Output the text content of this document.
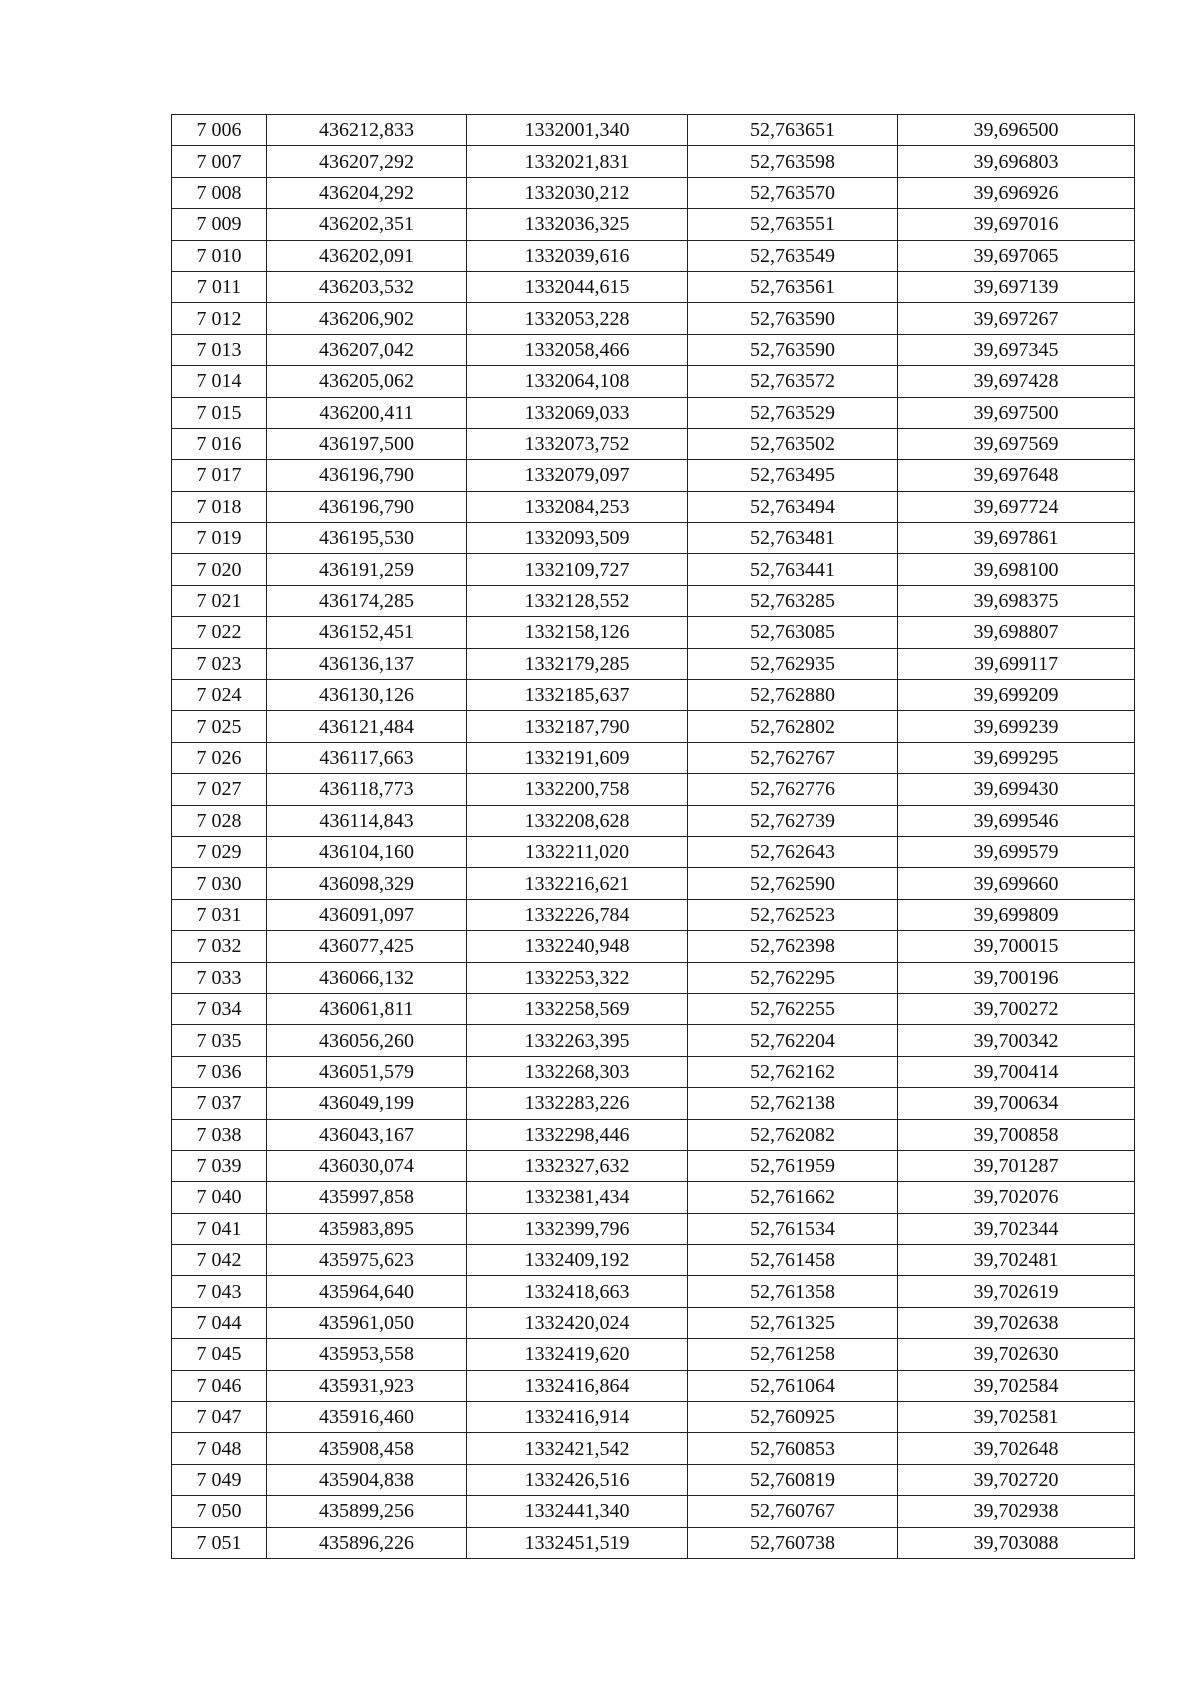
7 006	436212,833	1332001,340	52,763651	39,696500
7 007	436207,292	1332021,831	52,763598	39,696803
7 008	436204,292	1332030,212	52,763570	39,696926
7 009	436202,351	1332036,325	52,763551	39,697016
7 010	436202,091	1332039,616	52,763549	39,697065
7 011	436203,532	1332044,615	52,763561	39,697139
7 012	436206,902	1332053,228	52,763590	39,697267
7 013	436207,042	1332058,466	52,763590	39,697345
7 014	436205,062	1332064,108	52,763572	39,697428
7 015	436200,411	1332069,033	52,763529	39,697500
7 016	436197,500	1332073,752	52,763502	39,697569
7 017	436196,790	1332079,097	52,763495	39,697648
7 018	436196,790	1332084,253	52,763494	39,697724
7 019	436195,530	1332093,509	52,763481	39,697861
7 020	436191,259	1332109,727	52,763441	39,698100
7 021	436174,285	1332128,552	52,763285	39,698375
7 022	436152,451	1332158,126	52,763085	39,698807
7 023	436136,137	1332179,285	52,762935	39,699117
7 024	436130,126	1332185,637	52,762880	39,699209
7 025	436121,484	1332187,790	52,762802	39,699239
7 026	436117,663	1332191,609	52,762767	39,699295
7 027	436118,773	1332200,758	52,762776	39,699430
7 028	436114,843	1332208,628	52,762739	39,699546
7 029	436104,160	1332211,020	52,762643	39,699579
7 030	436098,329	1332216,621	52,762590	39,699660
7 031	436091,097	1332226,784	52,762523	39,699809
7 032	436077,425	1332240,948	52,762398	39,700015
7 033	436066,132	1332253,322	52,762295	39,700196
7 034	436061,811	1332258,569	52,762255	39,700272
7 035	436056,260	1332263,395	52,762204	39,700342
7 036	436051,579	1332268,303	52,762162	39,700414
7 037	436049,199	1332283,226	52,762138	39,700634
7 038	436043,167	1332298,446	52,762082	39,700858
7 039	436030,074	1332327,632	52,761959	39,701287
7 040	435997,858	1332381,434	52,761662	39,702076
7 041	435983,895	1332399,796	52,761534	39,702344
7 042	435975,623	1332409,192	52,761458	39,702481
7 043	435964,640	1332418,663	52,761358	39,702619
7 044	435961,050	1332420,024	52,761325	39,702638
7 045	435953,558	1332419,620	52,761258	39,702630
7 046	435931,923	1332416,864	52,761064	39,702584
7 047	435916,460	1332416,914	52,760925	39,702581
7 048	435908,458	1332421,542	52,760853	39,702648
7 049	435904,838	1332426,516	52,760819	39,702720
7 050	435899,256	1332441,340	52,760767	39,702938
7 051	435896,226	1332451,519	52,760738	39,703088
